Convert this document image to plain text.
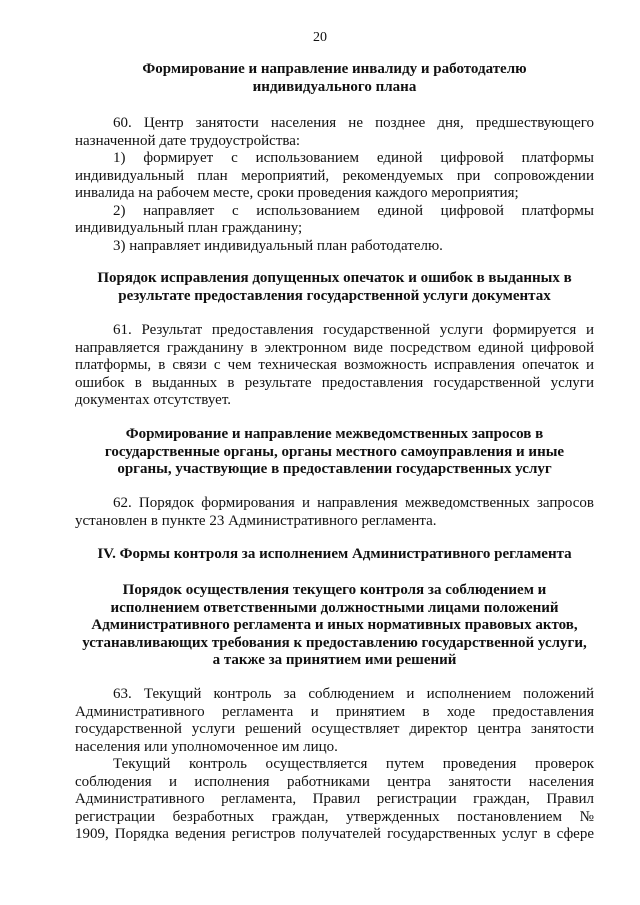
20
Формирование и направление инвалиду и работодателю
индивидуального плана
60. Центр занятости населения не позднее дня, предшествующего
назначенной дате трудоустройства:
1) формирует с использованием единой цифровой платформы
индивидуальный план мероприятий, рекомендуемых при сопровождении
инвалида на рабочем месте, сроки проведения каждого мероприятия;
2) направляет с использованием единой цифровой платформы
индивидуальный план гражданину;
3) направляет индивидуальный план работодателю.
Порядок исправления допущенных опечаток и ошибок в выданных в
результате предоставления государственной услуги документах
61. Результат предоставления государственной услуги формируется и
направляется гражданину в электронном виде посредством единой цифровой
платформы, в связи с чем техническая возможность исправления опечаток и
ошибок в выданных в результате предоставления государственной услуги
документах отсутствует.
Формирование и направление межведомственных запросов в
государственные органы, органы местного самоуправления и иные
органы, участвующие в предоставлении государственных услуг
62. Порядок формирования и направления межведомственных запросов
установлен в пункте 23 Административного регламента.
IV. Формы контроля за исполнением Административного регламента
Порядок осуществления текущего контроля за соблюдением и
исполнением ответственными должностными лицами положений
Административного регламента и иных нормативных правовых актов,
устанавливающих требования к предоставлению государственной услуги,
а также за принятием ими решений
63. Текущий контроль за соблюдением и исполнением положений
Административного регламента и принятием в ходе предоставления
государственной услуги решений осуществляет директор центра занятости
населения или уполномоченное им лицо.
Текущий контроль осуществляется путем проведения проверок
соблюдения и исполнения работниками центра занятости населения
Административного регламента, Правил регистрации граждан, Правил
регистрации безработных граждан, утвержденных постановлением №
1909, Порядка ведения регистров получателей государственных услуг в сфере
